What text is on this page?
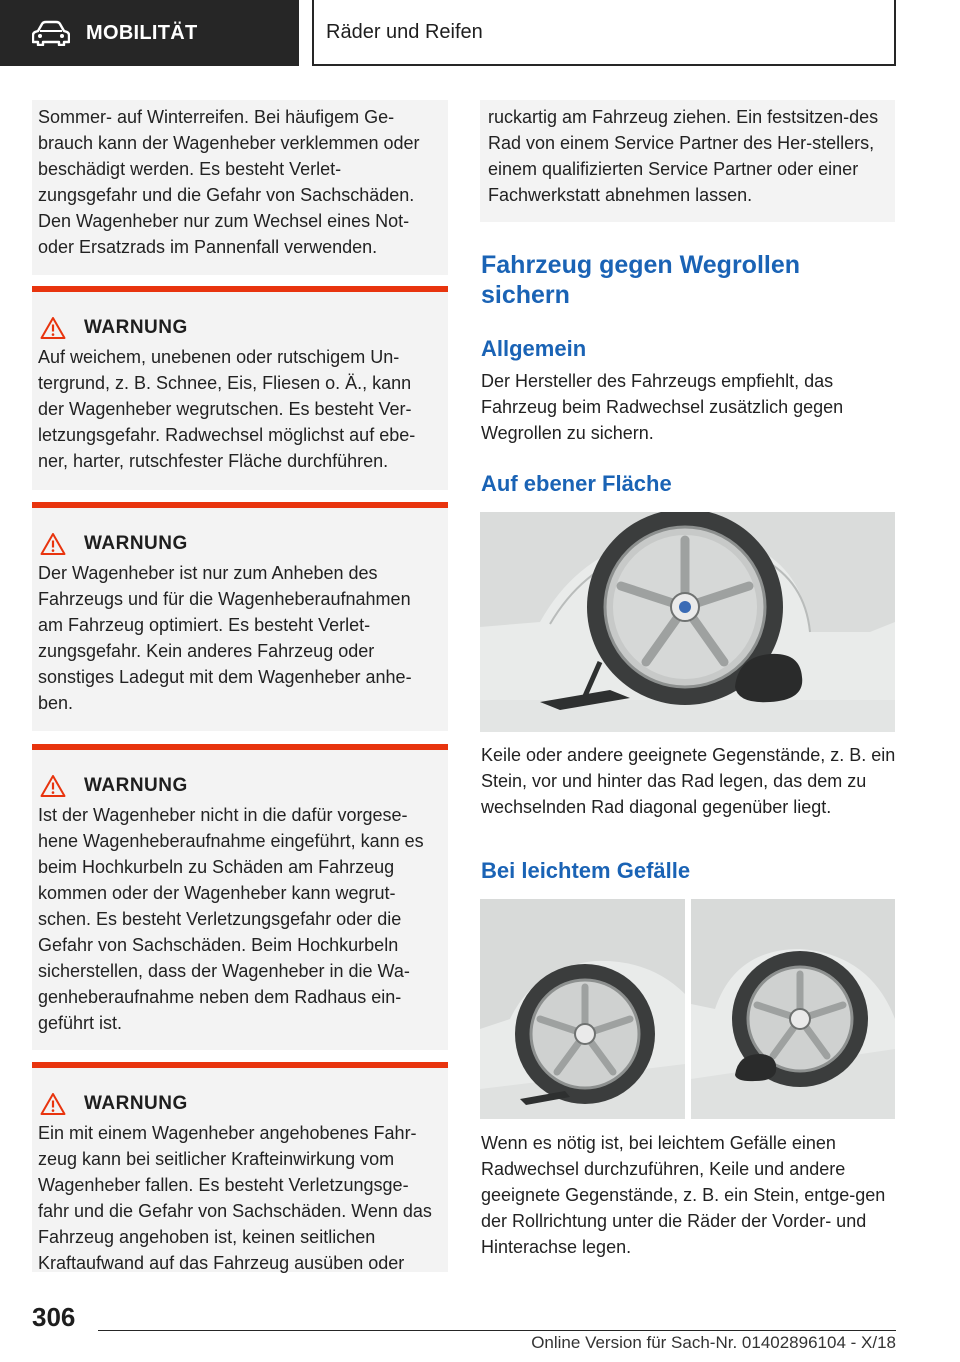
MOBILITÄT	Räder und Reifen

Sommer- auf Winterreifen. Bei häufigem Ge-brauch kann der Wagenheber verklemmen oder beschädigt werden. Es besteht Verlet-zungsgefahr und die Gefahr von Sachschäden. Den Wagenheber nur zum Wechsel eines Not- oder Ersatzrads im Pannenfall verwenden.

WARNUNG

Auf weichem, unebenen oder rutschigem Un-tergrund, z. B. Schnee, Eis, Fliesen o. Ä., kann der Wagenheber wegrutschen. Es besteht Ver-letzungsgefahr. Radwechsel möglichst auf ebe-ner, harter, rutschfester Fläche durchführen.

WARNUNG

Der Wagenheber ist nur zum Anheben des Fahrzeugs und für die Wagenheberaufnahmen am Fahrzeug optimiert. Es besteht Verlet-zungsgefahr. Kein anderes Fahrzeug oder sonstiges Ladegut mit dem Wagenheber anhe-ben.

WARNUNG

Ist der Wagenheber nicht in die dafür vorgese-hene Wagenheberaufnahme eingeführt, kann es beim Hochkurbeln zu Schäden am Fahrzeug kommen oder der Wagenheber kann wegrut-schen. Es besteht Verletzungsgefahr oder die Gefahr von Sachschäden. Beim Hochkurbeln sicherstellen, dass der Wagenheber in die Wa-genheberaufnahme neben dem Radhaus ein-geführt ist.

WARNUNG

Ein mit einem Wagenheber angehobenes Fahr-zeug kann bei seitlicher Krafteinwirkung vom Wagenheber fallen. Es besteht Verletzungsge-fahr und die Gefahr von Sachschäden. Wenn das Fahrzeug angehoben ist, keinen seitlichen Kraftaufwand auf das Fahrzeug ausüben oder

ruckartig am Fahrzeug ziehen. Ein festsitzen-des Rad von einem Service Partner des Her-stellers, einem qualifizierten Service Partner oder einer Fachwerkstatt abnehmen lassen.

Fahrzeug gegen Wegrollen sichern
Allgemein
Der Hersteller des Fahrzeugs empfiehlt, das Fahrzeug beim Radwechsel zusätzlich gegen Wegrollen zu sichern.
Auf ebener Fläche
Keile oder andere geeignete Gegenstände, z. B. ein Stein, vor und hinter das Rad legen, das dem zu wechselnden Rad diagonal gegenüber liegt.
Bei leichtem Gefälle
Wenn es nötig ist, bei leichtem Gefälle einen Radwechsel durchzuführen, Keile und andere geeignete Gegenstände, z. B. ein Stein, entge-gen der Rollrichtung unter die Räder der Vorder- und Hinterachse legen.
306
Online Version für Sach-Nr. 01402896104 - X/18
